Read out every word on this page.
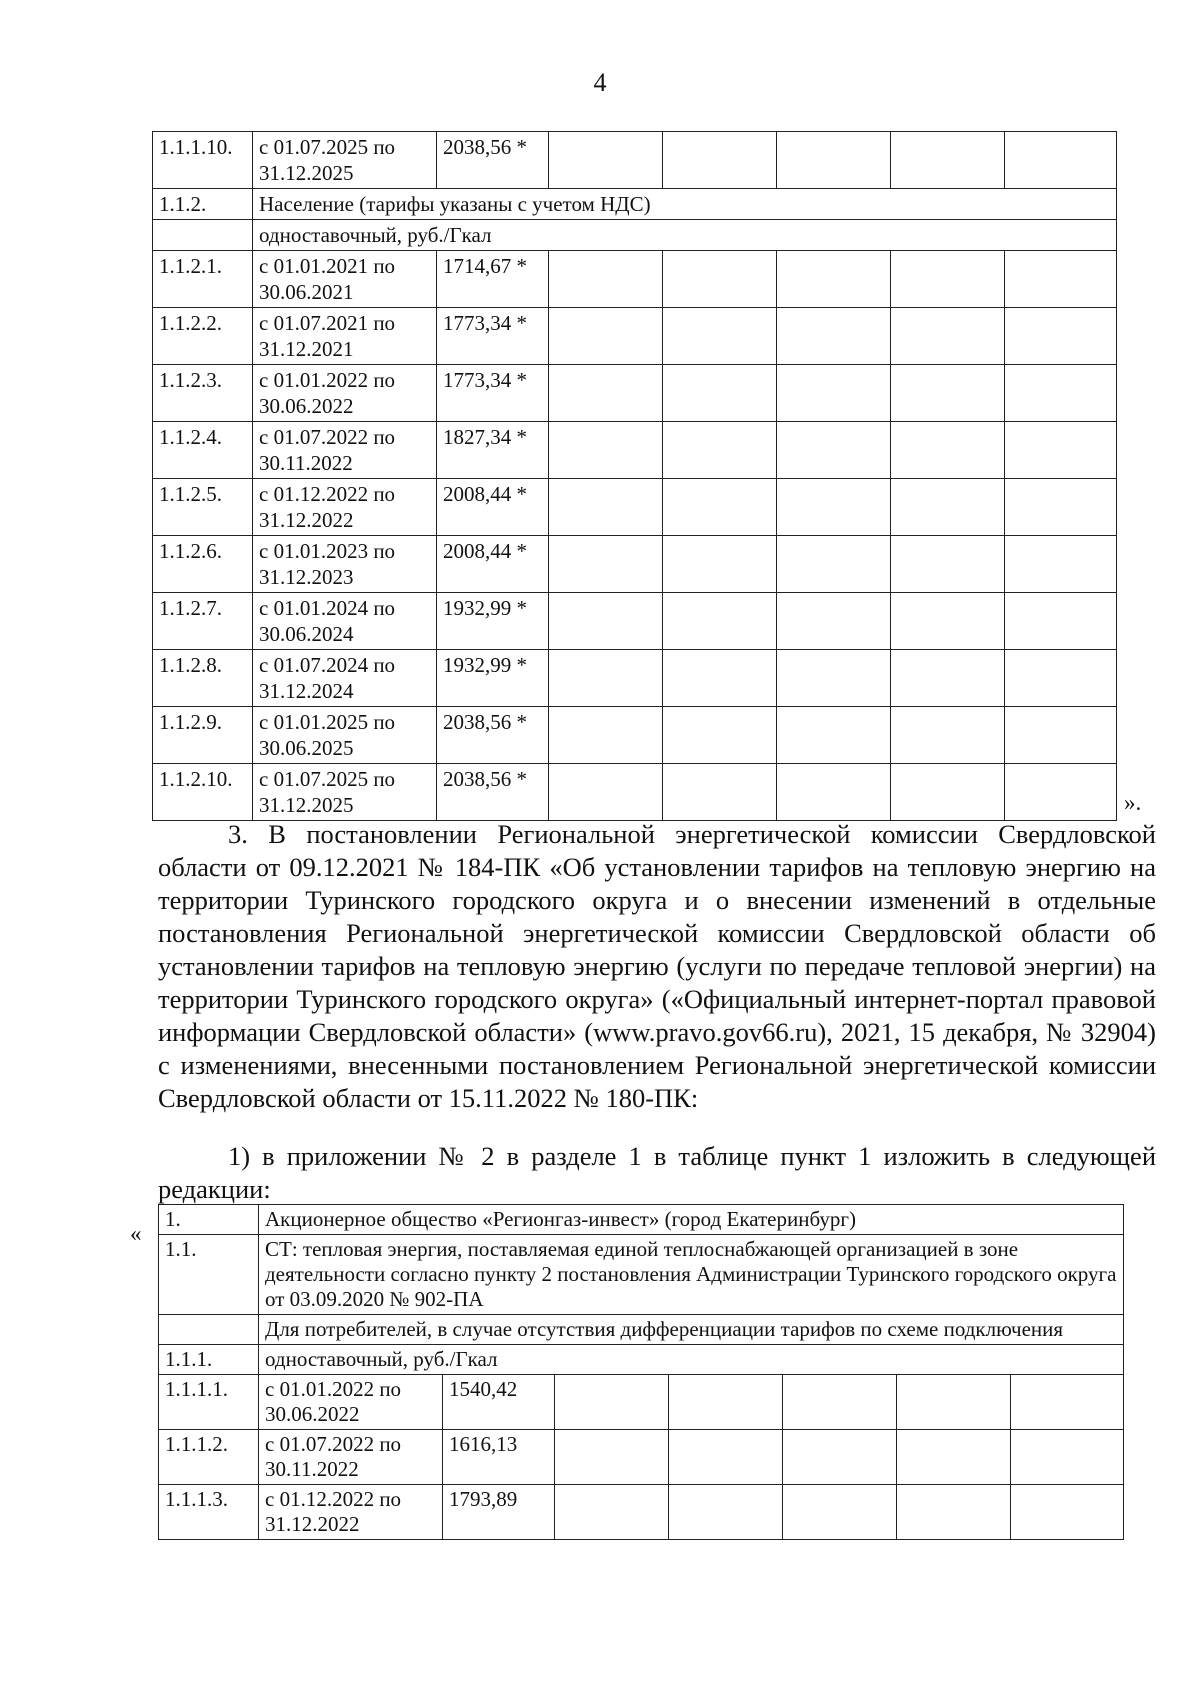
4
1.1.1.10.	с 01.07.2025 по 31.12.2025	2038,56 *					
1.1.2.	Население (тарифы указаны с учетом НДС)						
	одноставочный, руб./Гкал						
1.1.2.1.	с 01.01.2021 по 30.06.2021	1714,67 *					
1.1.2.2.	с 01.07.2021 по 31.12.2021	1773,34 *					
1.1.2.3.	с 01.01.2022 по 30.06.2022	1773,34 *					
1.1.2.4.	с 01.07.2022 по 30.11.2022	1827,34 *					
1.1.2.5.	с 01.12.2022 по 31.12.2022	2008,44 *					
1.1.2.6.	с 01.01.2023 по 31.12.2023	2008,44 *					
1.1.2.7.	с 01.01.2024 по 30.06.2024	1932,99 *					
1.1.2.8.	с 01.07.2024 по 31.12.2024	1932,99 *					
1.1.2.9.	с 01.01.2025 по 30.06.2025	2038,56 *					
1.1.2.10.	с 01.07.2025 по 31.12.2025	2038,56 *					
».

3. В постановлении Региональной энергетической комиссии Свердловской области от 09.12.2021 № 184-ПК «Об установлении тарифов на тепловую энергию на территории Туринского городского округа и о внесении изменений в отдельные постановления Региональной энергетической комиссии Свердловской области об установлении тарифов на тепловую энергию (услуги по передаче тепловой энергии) на территории Туринского городского округа» («Официальный интернет-портал правовой информации Свердловской области» (www.pravo.gov66.ru), 2021, 15 декабря, № 32904) с изменениями, внесенными постановлением Региональной энергетической комиссии Свердловской области от 15.11.2022 № 180-ПК:

1) в приложении № 2 в разделе 1 в таблице пункт 1 изложить в следующей редакции:

«
1.	Акционерное общество «Регионгаз-инвест» (город Екатеринбург)						
1.1.	СТ: тепловая энергия, поставляемая единой теплоснабжающей организацией в зоне деятельности согласно пункту 2 постановления Администрации Туринского городского округа от 03.09.2020 № 902-ПА						
	Для потребителей, в случае отсутствия дифференциации тарифов по схеме подключения						
1.1.1.	одноставочный, руб./Гкал						
1.1.1.1.	с 01.01.2022 по 30.06.2022	1540,42					
1.1.1.2.	с 01.07.2022 по 30.11.2022	1616,13					
1.1.1.3.	с 01.12.2022 по 31.12.2022	1793,89					
